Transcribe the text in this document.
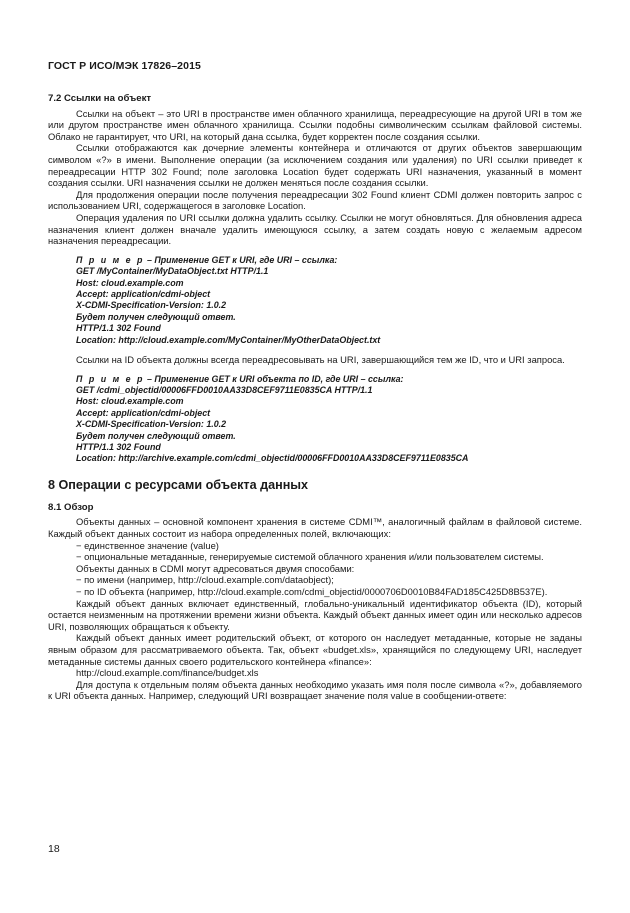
ГОСТ Р ИСО/МЭК 17826–2015

7.2 Ссылки на объект

Ссылки на объект – это URI в пространстве имен облачного хранилища, переадресующие на другой URI в том же или другом пространстве имен облачного хранилища. Ссылки подобны символическим ссылкам файловой системы. Облако не гарантирует, что URI, на который дана ссылка, будет корректен после создания ссылки.

Ссылки отображаются как дочерние элементы контейнера и отличаются от других объектов завершающим символом «?» в имени. Выполнение операции (за исключением создания или удаления) по URI ссылки приведет к переадресации HTTP 302 Found; поле заголовка Location будет содержать URI назначения, указанный в момент создания ссылки. URI назначения ссылки не должен меняться после создания ссылки.

Для продолжения операции после получения переадресации 302 Found клиент CDMI должен повторить запрос с использованием URI, содержащегося в заголовке Location.

Операция удаления по URI ссылки должна удалить ссылку. Ссылки не могут обновляться. Для обновления адреса назначения клиент должен вначале удалить имеющуюся ссылку, а затем создать новую с желаемым адресом назначения переадресации.

П р и м е р – Применение GET к URI, где URI – ссылка:

GET /MyContainer/MyDataObject.txt HTTP/1.1

Host: cloud.example.com

Accept: application/cdmi-object

X-CDMI-Specification-Version: 1.0.2

Будет получен следующий ответ.

HTTP/1.1 302 Found

Location: http://cloud.example.com/MyContainer/MyOtherDataObject.txt

Ссылки на ID объекта должны всегда переадресовывать на URI, завершающийся тем же ID, что и URI запроса.

П р и м е р – Применение GET к URI объекта по ID, где URI – ссылка:

GET /cdmi_objectid/00006FFD0010AA33D8CEF9711E0835CA HTTP/1.1

Host: cloud.example.com

Accept: application/cdmi-object

X-CDMI-Specification-Version: 1.0.2

Будет получен следующий ответ.

HTTP/1.1 302 Found

Location: http://archive.example.com/cdmi_objectid/00006FFD0010AA33D8CEF9711E0835CA

8 Операции с ресурсами объекта данных

8.1 Обзор

Объекты данных – основной компонент хранения в системе CDMI™, аналогичный файлам в файловой системе. Каждый объект данных состоит из набора определенных полей, включающих:

− единственное значение (value)

− опциональные метаданные, генерируемые системой облачного хранения и/или пользователем системы.

Объекты данных в CDMI могут адресоваться двумя способами:

− по имени (например, http://cloud.example.com/dataobject);

− по ID объекта (например, http://cloud.example.com/cdmi_objectid/0000706D0010B84FAD185C425D8B537E).

Каждый объект данных включает единственный, глобально-уникальный идентификатор объекта (ID), который остается неизменным на протяжении времени жизни объекта. Каждый объект данных имеет один или несколько адресов URI, позволяющих обращаться к объекту.

Каждый объект данных имеет родительский объект, от которого он наследует метаданные, которые не заданы явным образом для рассматриваемого объекта. Так, объект «budget.xls», хранящийся по следующему URI, наследует метаданные системы данных своего родительского контейнера «finance»:

http://cloud.example.com/finance/budget.xls

Для доступа к отдельным полям объекта данных необходимо указать имя поля после символа «?», добавляемого к URI объекта данных. Например, следующий URI возвращает значение поля value в сообщении-ответе:

18
